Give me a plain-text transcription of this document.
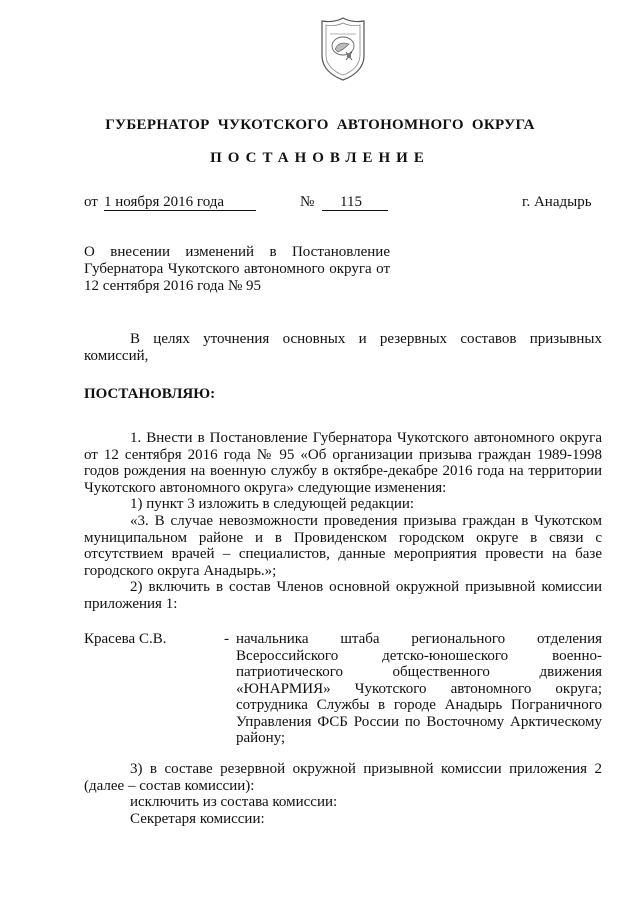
ГУБЕРНАТОР ЧУКОТСКОГО АВТОНОМНОГО ОКРУГА
ПОСТАНОВЛЕНИЕ
от 1 ноября 2016 года	№	115	г. Анадырь
О внесении изменений в Постановление Губернатора Чукотского автономного округа от 12 сентября 2016 года № 95
В целях уточнения основных и резервных составов призывных комиссий,
ПОСТАНОВЛЯЮ:
1. Внести в Постановление Губернатора Чукотского автономного округа от 12 сентября 2016 года № 95 «Об организации призыва граждан 1989-1998 годов рождения на военную службу в октябре-декабре 2016 года на территории Чукотского автономного округа» следующие изменения:
1) пункт 3 изложить в следующей редакции:
«3. В случае невозможности проведения призыва граждан в Чукотском муниципальном районе и в Провиденском городском округе в связи с отсутствием врачей – специалистов, данные мероприятия провести на базе городского округа Анадырь.»;
2) включить в состав Членов основной окружной призывной комиссии приложения 1:
Красева С.В.	- начальника штаба регионального отделения Всероссийского детско-юношеского военно-патриотического общественного движения «ЮНАРМИЯ» Чукотского автономного округа; сотрудника Службы в городе Анадырь Пограничного Управления ФСБ России по Восточному Арктическому району;
3) в составе резервной окружной призывной комиссии приложения 2 (далее – состав комиссии):
исключить из состава комиссии:
Секретаря комиссии:
